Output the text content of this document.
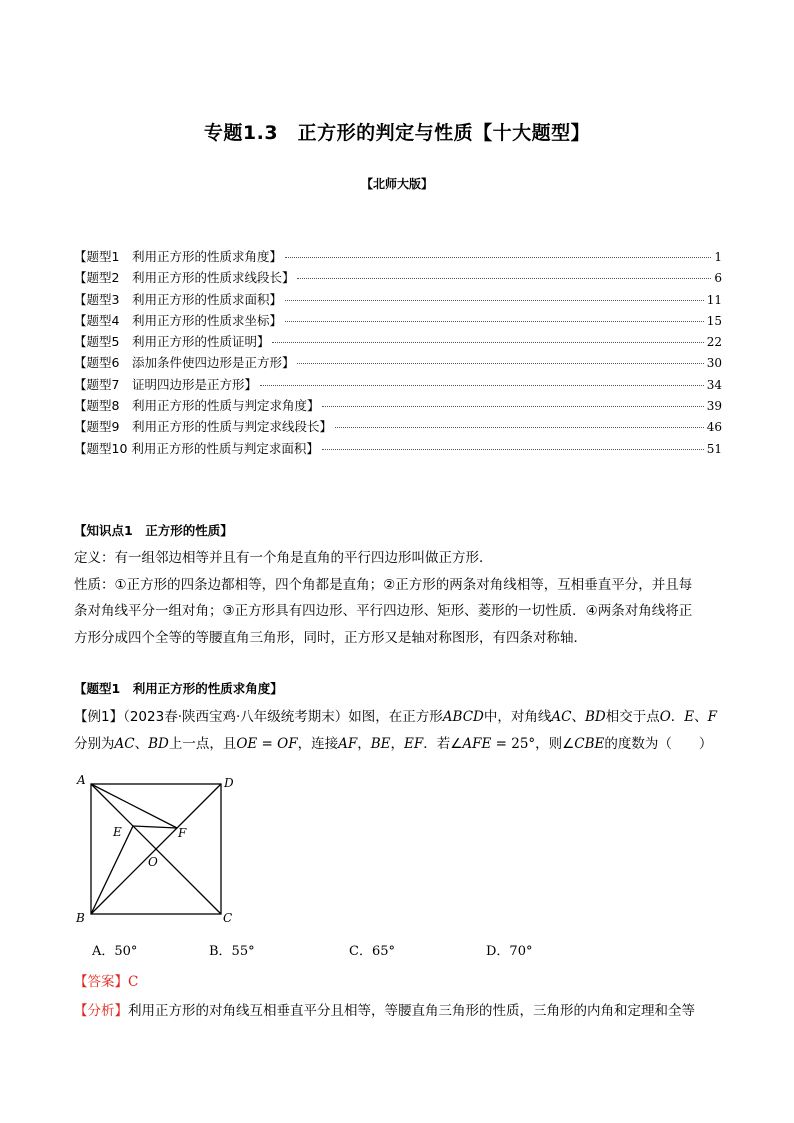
专题1.3　正方形的判定与性质【十大题型】
【北师大版】
【题型1　利用正方形的性质求角度】	1
【题型2　利用正方形的性质求线段长】	6
【题型3　利用正方形的性质求面积】	11
【题型4　利用正方形的性质求坐标】	15
【题型5　利用正方形的性质证明】	22
【题型6　添加条件使四边形是正方形】	30
【题型7　证明四边形是正方形】	34
【题型8　利用正方形的性质与判定求角度】	39
【题型9　利用正方形的性质与判定求线段长】	46
【题型10 利用正方形的性质与判定求面积】	51
【知识点1　正方形的性质】
定义：有一组邻边相等并且有一个角是直角的平行四边形叫做正方形．
性质：①正方形的四条边都相等，四个角都是直角；②正方形的两条对角线相等，互相垂直平分，并且每
条对角线平分一组对角；③正方形具有四边形、平行四边形、矩形、菱形的一切性质．④两条对角线将正
方形分成四个全等的等腰直角三角形，同时，正方形又是轴对称图形，有四条对称轴．
【题型1　利用正方形的性质求角度】
【例1】（2023春·陕西宝鸡·八年级统考期末）如图，在正方形ABCD中，对角线AC、BD相交于点O．E、F
分别为AC、BD上一点，且OE = OF，连接AF，BE，EF．若∠AFE = 25°，则∠CBE的度数为（　　）
A	D
B	C
E	F
O
A．50°	B．55°	C．65°	D．70°
【答案】C
【分析】利用正方形的对角线互相垂直平分且相等，等腰直角三角形的性质，三角形的内角和定理和全等
